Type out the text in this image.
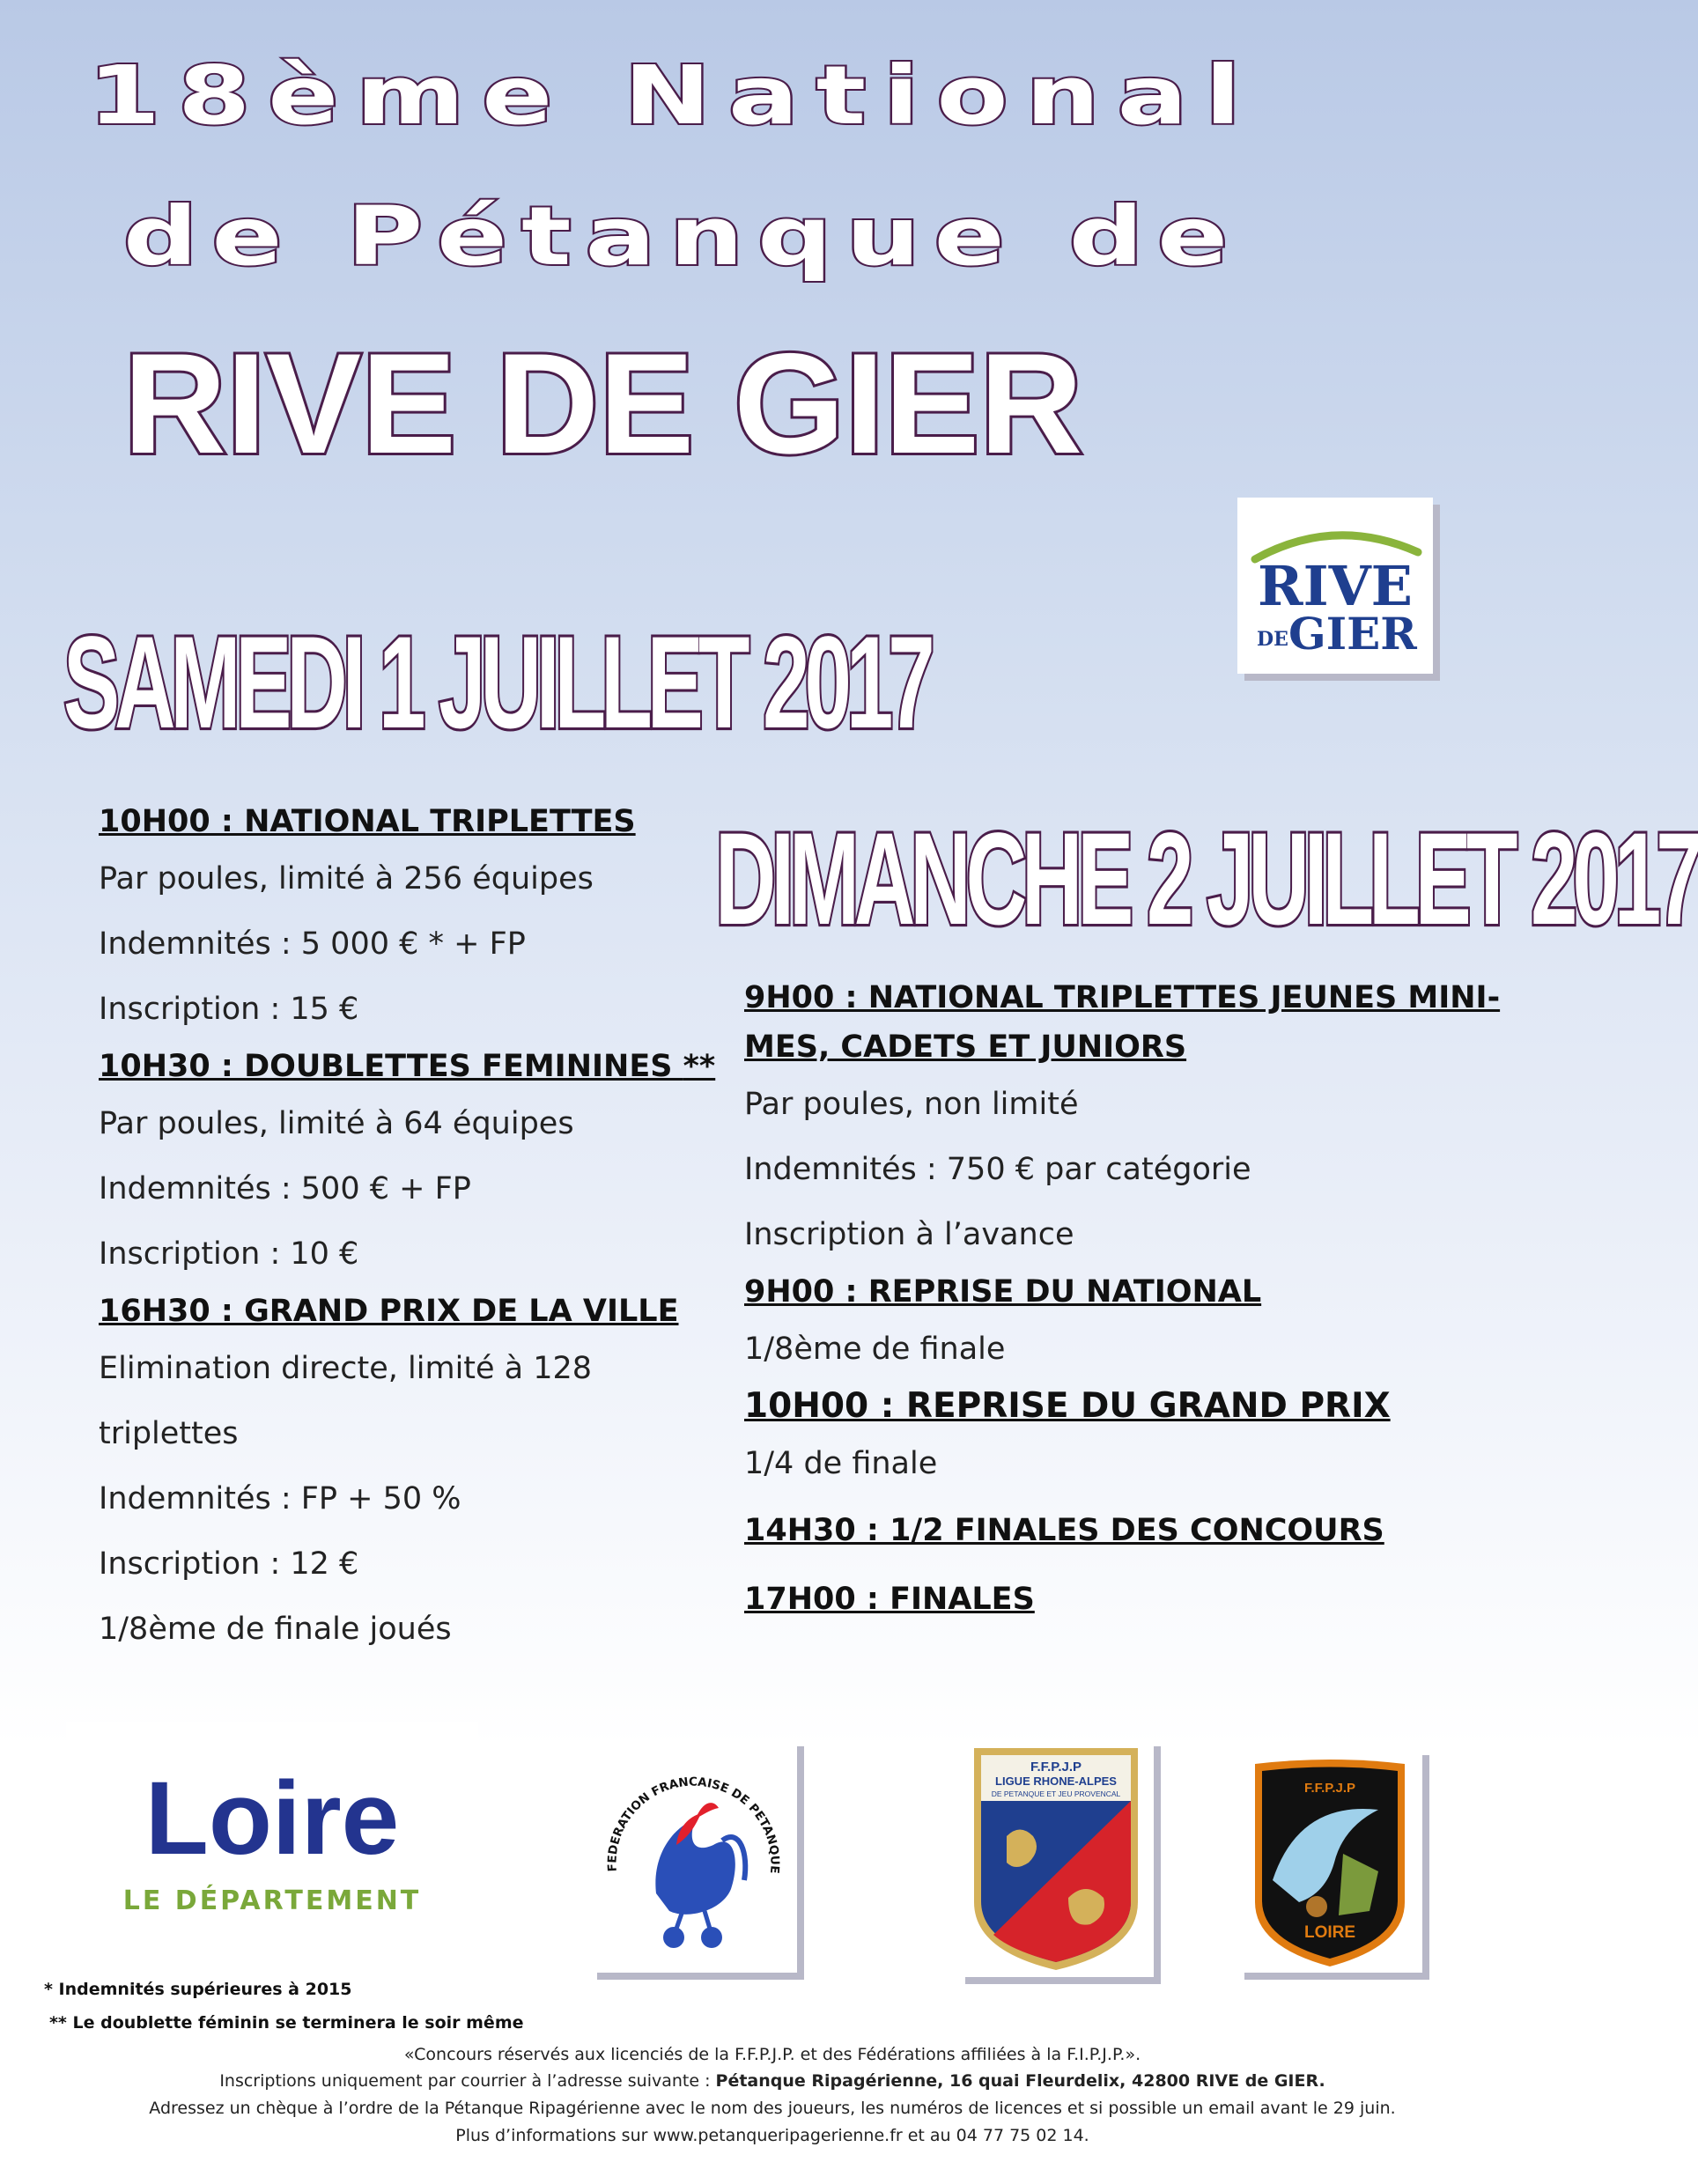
18ème National
de Pétanque de
RIVE DE GIER
RIVE
DE GIER
SAMEDI 1 JUILLET 2017
DIMANCHE 2 JUILLET 2017

10H00 : NATIONAL TRIPLETTES

Par poules, limité à 256 équipes

Indemnités : 5 000 € * + FP

Inscription : 15 €

10H30 : DOUBLETTES FEMININES **

Par poules, limité à 64 équipes

Indemnités : 500 € + FP

Inscription : 10 €

16H30 : GRAND PRIX DE LA VILLE

Elimination directe, limité à 128 triplettes

Indemnités : FP + 50 %

Inscription : 12 €

1/8ème de finale joués

9H00 : NATIONAL TRIPLETTES JEUNES MINI-

MES, CADETS ET JUNIORS

Par poules, non limité

Indemnités : 750 € par catégorie

Inscription à l’avance

9H00 : REPRISE DU NATIONAL

1/8ème de finale

10H00 : REPRISE DU GRAND PRIX

1/4 de finale

14H30 : 1/2 FINALES DES CONCOURS

17H00 : FINALES

Loire
LE DÉPARTEMENT
FEDERATION FRANCAISE DE PETANQUE
F.F.P.J.P
LIGUE RHONE-ALPES
DE PETANQUE ET JEU PROVENCAL	F.F.P.J.P
LOIRE

* Indemnités supérieures à 2015

** Le doublette féminin se terminera le soir même

«Concours réservés aux licenciés de la F.F.P.J.P. et des Fédérations affiliées à la F.I.P.J.P.».

Inscriptions uniquement par courrier à l’adresse suivante : Pétanque Ripagérienne, 16 quai Fleurdelix, 42800 RIVE de GIER.

Adressez un chèque à l’ordre de la Pétanque Ripagérienne avec le nom des joueurs, les numéros de licences et si possible un email avant le 29 juin.

Plus d’informations sur www.petanqueripagerienne.fr et au 04 77 75 02 14.
